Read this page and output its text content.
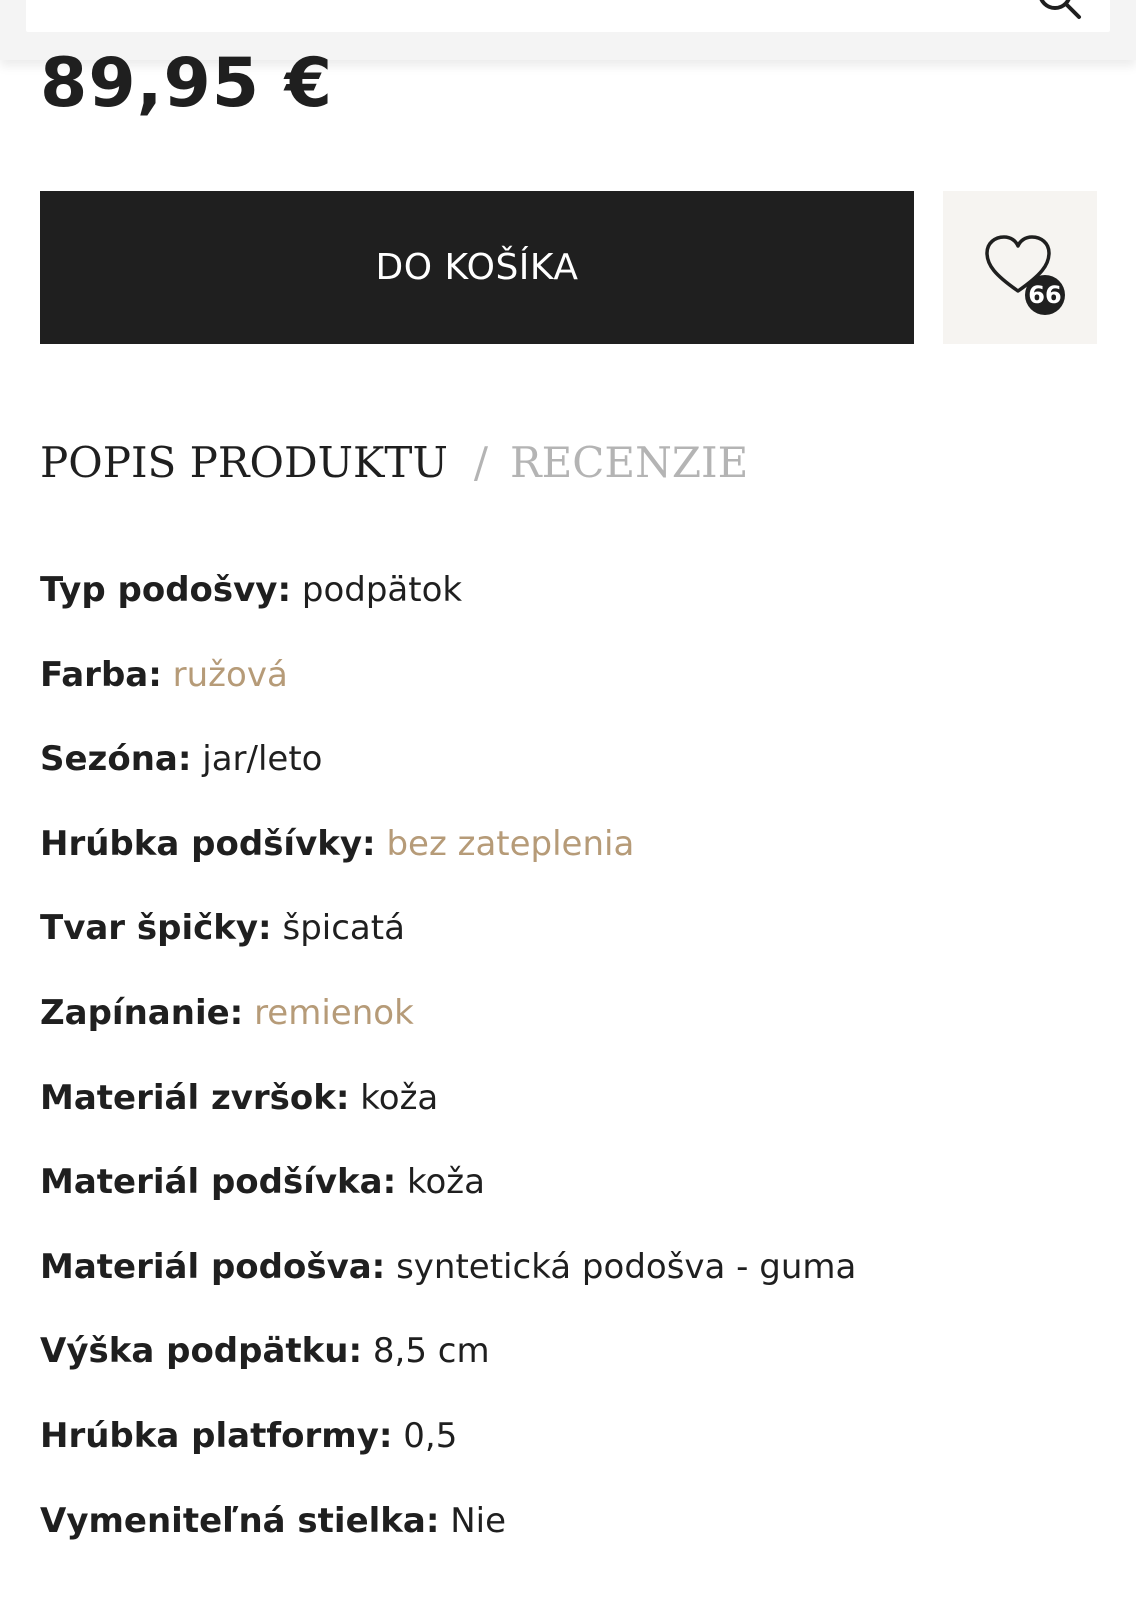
89,95 €
DO KOŠÍKA
66
POPIS PRODUKTU / RECENZIE
Typ podošvy: podpätok
Farba: ružová
Sezóna: jar/leto
Hrúbka podšívky: bez zateplenia
Tvar špičky: špicatá
Zapínanie: remienok
Materiál zvršok: koža
Materiál podšívka: koža
Materiál podošva: syntetická podošva - guma
Výška podpätku: 8,5 cm
Hrúbka platformy: 0,5
Vymeniteľná stielka: Nie
